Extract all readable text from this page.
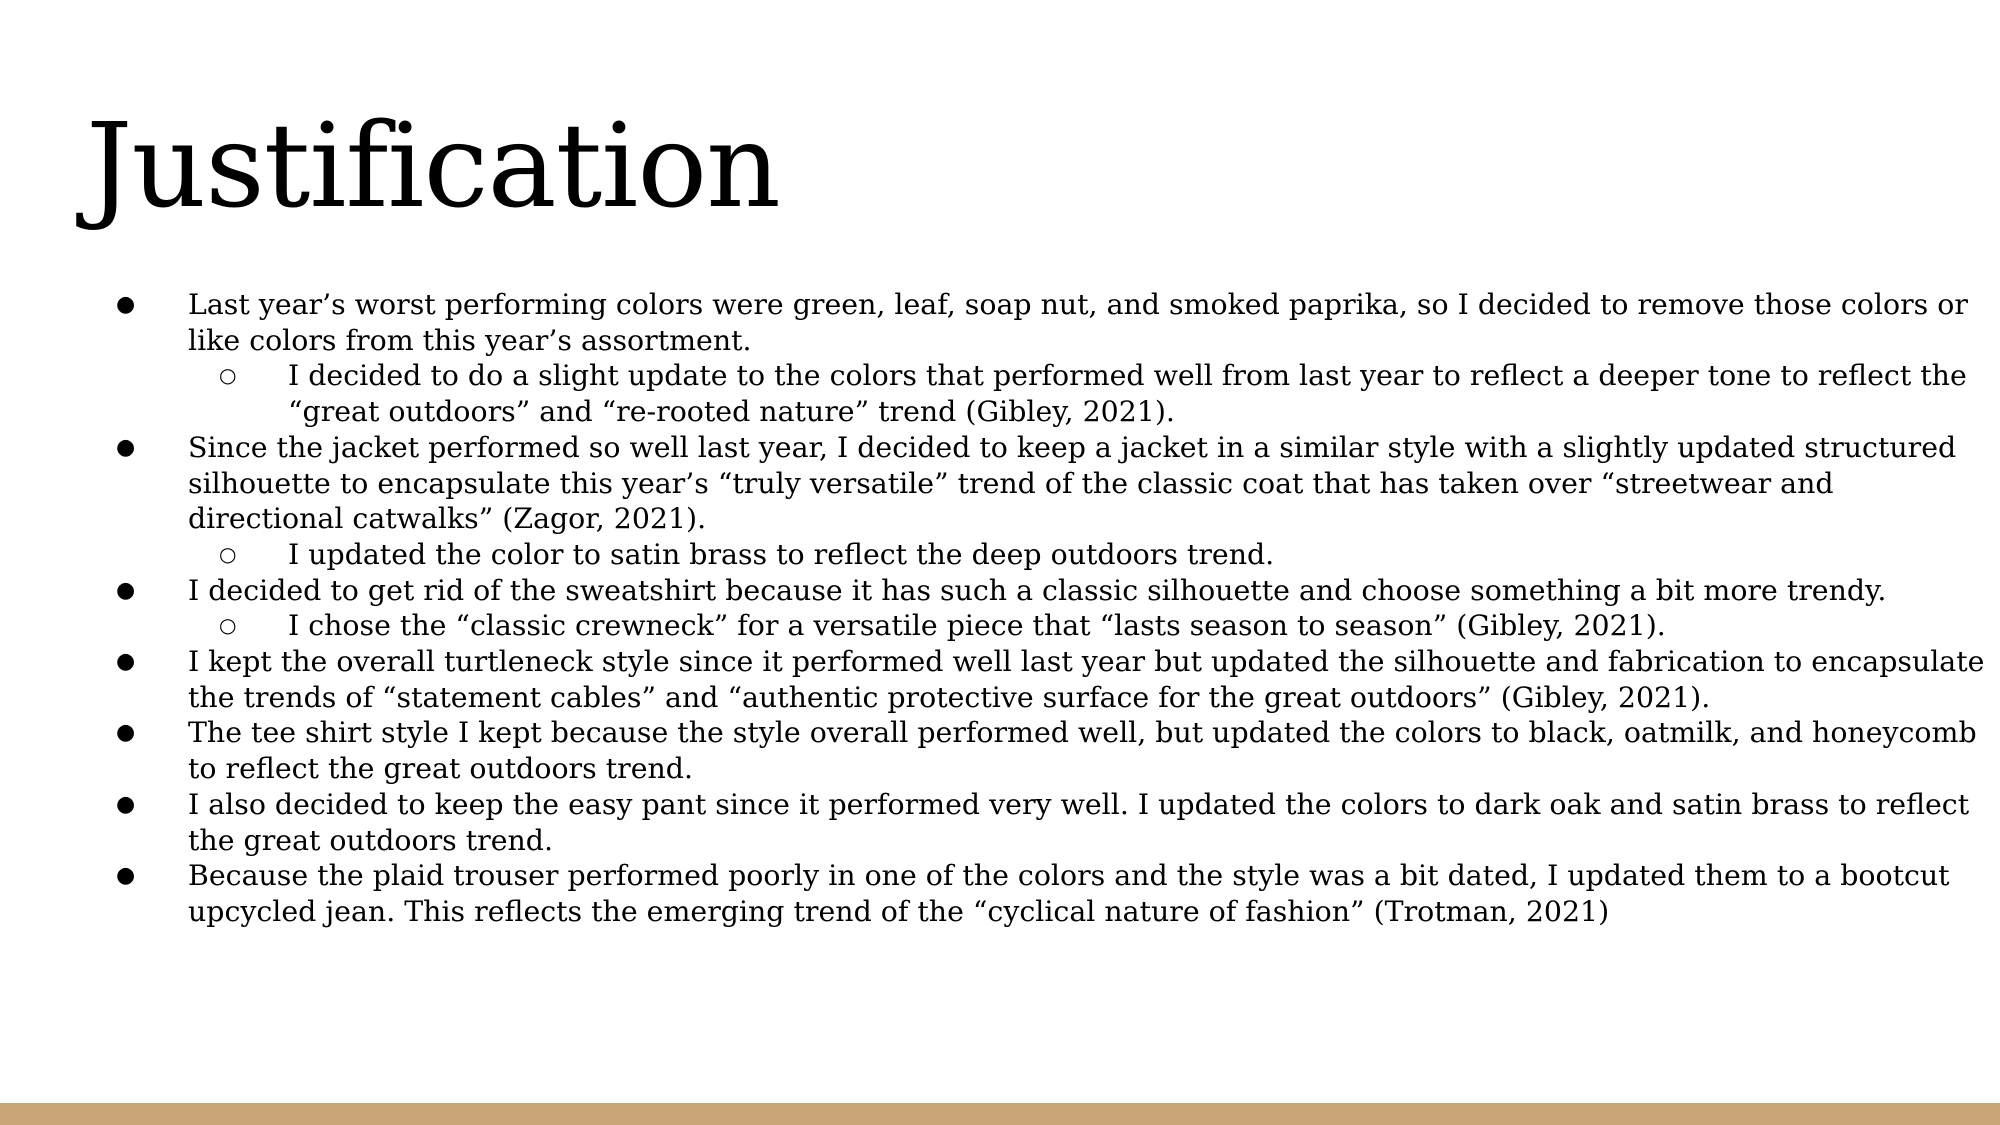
Justification
●	Last year’s worst performing colors were green, leaf, soap nut, and smoked paprika, so I decided to remove those colors or
like colors from this year’s assortment.
○	I decided to do a slight update to the colors that performed well from last year to reflect a deeper tone to reflect the
“great outdoors” and “re-rooted nature” trend (Gibley, 2021).
●	Since the jacket performed so well last year, I decided to keep a jacket in a similar style with a slightly updated structured
silhouette to encapsulate this year’s “truly versatile” trend of the classic coat that has taken over “streetwear and
directional catwalks” (Zagor, 2021).
○	I updated the color to satin brass to reflect the deep outdoors trend.
●	I decided to get rid of the sweatshirt because it has such a classic silhouette and choose something a bit more trendy.
○	I chose the “classic crewneck” for a versatile piece that “lasts season to season” (Gibley, 2021).
●	I kept the overall turtleneck style since it performed well last year but updated the silhouette and fabrication to encapsulate
the trends of “statement cables” and “authentic protective surface for the great outdoors” (Gibley, 2021).
●	The tee shirt style I kept because the style overall performed well, but updated the colors to black, oatmilk, and honeycomb
to reflect the great outdoors trend.
●	I also decided to keep the easy pant since it performed very well. I updated the colors to dark oak and satin brass to reflect
the great outdoors trend.
●	Because the plaid trouser performed poorly in one of the colors and the style was a bit dated, I updated them to a bootcut
upcycled jean. This reflects the emerging trend of the “cyclical nature of fashion” (Trotman, 2021)
